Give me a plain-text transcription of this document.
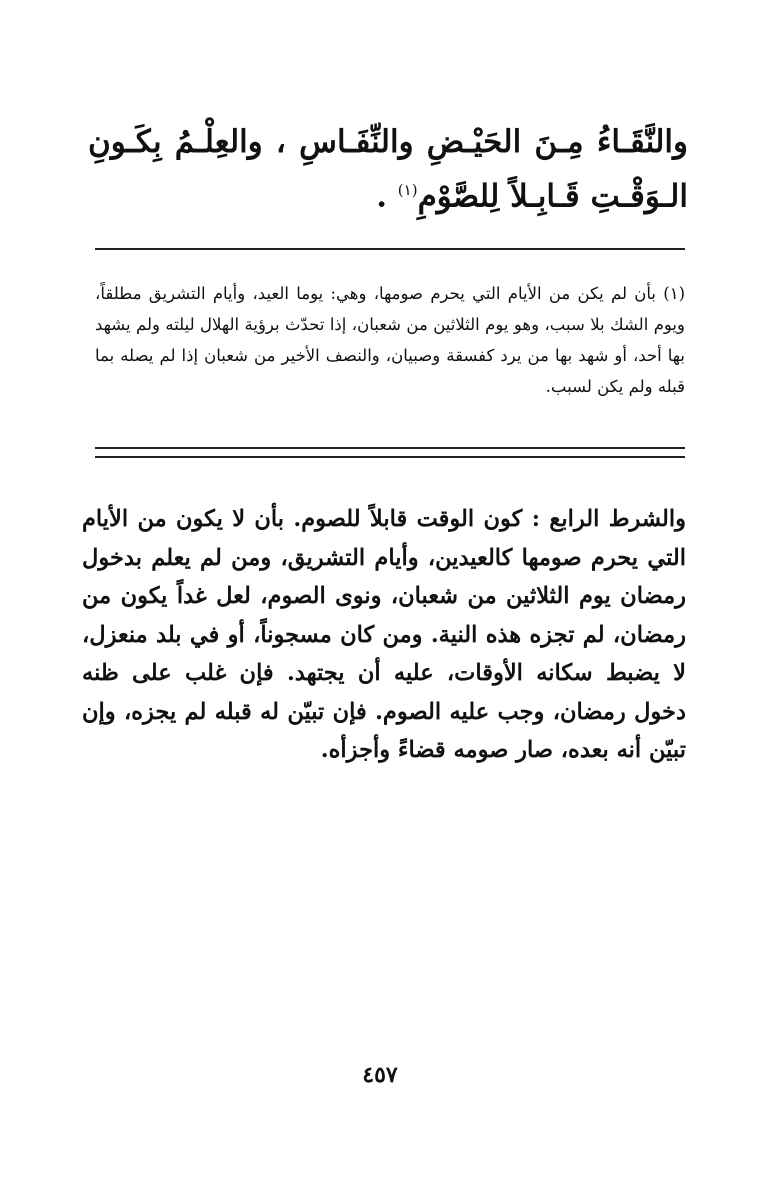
والنَّقَـاءُ مِـنَ الحَيْـضِ والنِّفَـاسِ ، والعِلْـمُ بِكَـونِ الـوَقْـتِ قَـابِـلاً لِلصَّوْمِ$^{(١)}$ .

(١) بأن لم يكن من الأيام التي يحرم صومها، وهي: يوما العيد، وأيام التشريق مطلقاً، ويوم الشك بلا سبب، وهو يوم الثلاثين من شعبان، إذا تحدّث برؤية الهلال ليلته ولم يشهد بها أحد، أو شهد بها من يرد كفسقة وصبيان، والنصف الأخير من شعبان إذا لم يصله بما قبله ولم يكن لسبب.

والشرط الرابع : كون الوقت قابلاً للصوم. بأن لا يكون من الأيام التي يحرم صومها كالعيدين، وأيام التشريق، ومن لم يعلم بدخول رمضان يوم الثلاثين من شعبان، ونوى الصوم، لعل غداً يكون من رمضان، لم تجزه هذه النية. ومن كان مسجوناً، أو في بلد منعزل، لا يضبط سكانه الأوقات، عليه أن يجتهد. فإن غلب على ظنه دخول رمضان، وجب عليه الصوم. فإن تبيّن له قبله لم يجزه، وإن تبيّن أنه بعده، صار صومه قضاءً وأجزأه.

٤٥٧
